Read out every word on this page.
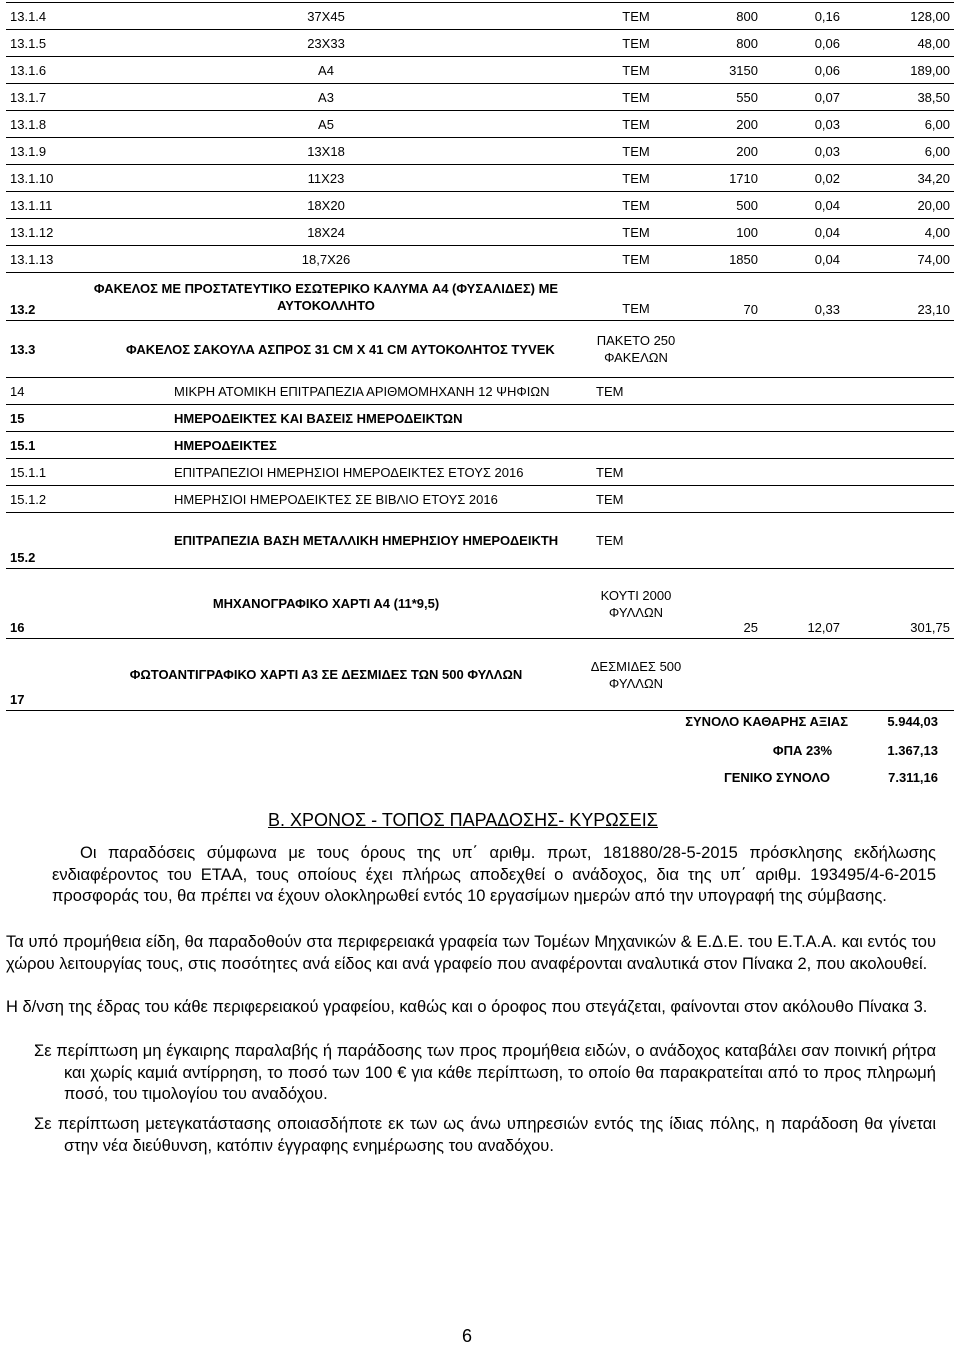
13.1.4	37Χ45	ΤΕΜ	800	0,16	128,00
13.1.5	23Χ33	ΤΕΜ	800	0,06	48,00
13.1.6	Α4	ΤΕΜ	3150	0,06	189,00
13.1.7	Α3	ΤΕΜ	550	0,07	38,50
13.1.8	Α5	ΤΕΜ	200	0,03	6,00
13.1.9	13Χ18	ΤΕΜ	200	0,03	6,00
13.1.10	11Χ23	ΤΕΜ	1710	0,02	34,20
13.1.11	18Χ20	ΤΕΜ	500	0,04	20,00
13.1.12	18Χ24	ΤΕΜ	100	0,04	4,00
13.1.13	18,7Χ26	ΤΕΜ	1850	0,04	74,00
13.2	ΦΑΚΕΛΟΣ ΜΕ ΠΡΟΣΤΑΤΕΥΤΙΚΟ ΕΣΩΤΕΡΙΚΟ ΚΑΛΥΜΑ Α4 (ΦΥΣΑΛΙΔΕΣ) ΜΕ ΑΥΤΟΚΟΛΛΗΤΟ	ΤΕΜ	70	0,33	23,10
13.3	ΦΑΚΕΛΟΣ ΣΑΚΟΥΛΑ ΑΣΠΡΟΣ 31 CM X 41 CM ΑΥΤΟΚΟΛΗΤΟΣ TYVEK	ΠΑΚΕΤΟ 250 ΦΑΚΕΛΩΝ			
14	ΜΙΚΡΗ ΑΤΟΜΙΚΗ ΕΠΙΤΡΑΠΕΖΙΑ ΑΡΙΘΜΟΜΗΧΑΝΗ 12 ΨΗΦΙΩΝ	ΤΕΜ			
15	ΗΜΕΡΟΔΕΙΚΤΕΣ ΚΑΙ ΒΑΣΕΙΣ ΗΜΕΡΟΔΕΙΚΤΩΝ				
15.1	ΗΜΕΡΟΔΕΙΚΤΕΣ				
15.1.1	ΕΠΙΤΡΑΠΕΖΙΟΙ ΗΜΕΡΗΣΙΟΙ ΗΜΕΡΟΔΕΙΚΤΕΣ ΕΤΟΥΣ 2016	ΤΕΜ			
15.1.2	ΗΜΕΡΗΣΙΟΙ ΗΜΕΡΟΔΕΙΚΤΕΣ ΣΕ ΒΙΒΛΙΟ ΕΤΟΥΣ 2016	ΤΕΜ			
15.2	ΕΠΙΤΡΑΠΕΖΙΑ ΒΑΣΗ ΜΕΤΑΛΛΙΚΗ ΗΜΕΡΗΣΙΟΥ ΗΜΕΡΟΔΕΙΚΤΗ	ΤΕΜ			
16	ΜΗΧΑΝΟΓΡΑΦΙΚΟ ΧΑΡΤΙ Α4 (11*9,5)	ΚΟΥΤΙ 2000 ΦΥΛΛΩΝ	25	12,07	301,75
17	ΦΩΤΟΑΝΤΙΓΡΑΦΙΚΟ ΧΑΡΤΙ Α3 ΣΕ ΔΕΣΜΙΔΕΣ ΤΩΝ 500 ΦΥΛΛΩΝ	ΔΕΣΜΙΔΕΣ 500 ΦΥΛΛΩΝ			
ΣΥΝΟΛΟ ΚΑΘΑΡΗΣ ΑΞΙΑΣ	5.944,03
ΦΠΑ 23%	1.367,13
ΓΕΝΙΚΟ ΣΥΝΟΛΟ	7.311,16
Β. ΧΡΟΝΟΣ - ΤΟΠΟΣ ΠΑΡΑΔΟΣΗΣ- ΚΥΡΩΣΕΙΣ

Οι παραδόσεις σύμφωνα με τους όρους της υπ΄ αριθμ. πρωτ, 181880/28-5-2015 πρόσκλησης εκδήλωσης ενδιαφέροντος του ΕΤΑΑ, τους οποίους έχει πλήρως αποδεχθεί ο ανάδοχος, δια της υπ΄ αριθμ. 193495/4-6-2015 προσφοράς του, θα πρέπει να έχουν ολοκληρωθεί εντός 10 εργασίμων ημερών από την υπογραφή της σύμβασης.

Τα υπό προμήθεια είδη, θα παραδοθούν στα περιφερειακά γραφεία των Τομέων Μηχανικών & Ε.Δ.Ε. του Ε.Τ.Α.Α. και εντός του χώρου λειτουργίας τους, στις ποσότητες ανά είδος και ανά γραφείο που αναφέρονται αναλυτικά στον Πίνακα 2, που ακολουθεί.

Η δ/νση της έδρας του κάθε περιφερειακού γραφείου, καθώς και ο όροφος που στεγάζεται, φαίνονται στον ακόλουθο Πίνακα 3.

Σε περίπτωση μη έγκαιρης παραλαβής ή παράδοσης των προς προμήθεια ειδών, ο ανάδοχος καταβάλει σαν ποινική ρήτρα και χωρίς καμιά αντίρρηση, το ποσό των 100 € για κάθε περίπτωση, το οποίο θα παρακρατείται από το προς πληρωμή ποσό, του τιμολογίου του αναδόχου.

Σε περίπτωση μετεγκατάστασης οποιασδήποτε εκ των ως άνω υπηρεσιών εντός της ίδιας πόλης, η παράδοση θα γίνεται στην νέα διεύθυνση, κατόπιν έγγραφης ενημέρωσης του αναδόχου.

6
